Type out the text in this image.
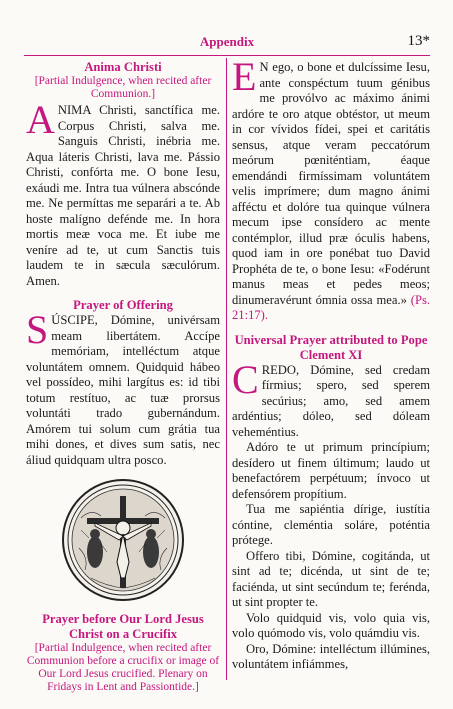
Appendix	13*
Anima Christi
[Partial Indulgence, when recited after Communion.]

ANIMA Christi, sanctífica me. Corpus Christi, salva me. Sanguis Christi, inébria me. Aqua láteris Christi, lava me. Pássio Christi, confórta me. O bone Iesu, exáudi me. Intra tua vúlnera abscónde me. Ne permíttas me separári a te. Ab hoste malígno defénde me. In hora mortis meæ voca me. Et iube me veníre ad te, ut cum Sanctis tuis laudem te in sæcula sæculórum. Amen.

Prayer of Offering

SÚSCIPE, Dómine, univérsam meam libertátem. Accípe memóriam, intelléctum atque voluntátem omnem. Quidquid hábeo vel possídeo, mihi largítus es: id tibi totum restítuo, ac tuæ prorsus voluntáti trado gubernándum. Amórem tui solum cum grátia tua mihi dones, et dives sum satis, nec áliud quidquam ultra posco.

Prayer before Our Lord Jesus Christ on a Crucifix
[Partial Indulgence, when recited after Communion before a crucifix or image of Our Lord Jesus crucified. Plenary on Fridays in Lent and Passiontide.]

E N ego, o bone et dulcíssime Iesu, ante conspéctum tuum génibus me provólvo ac máximo ánimi ardóre te oro atque obtéstor, ut meum in cor vívidos fídei, spei et caritátis sensus, atque veram peccatórum meórum pœniténtiam, éaque emendándi firmíssimam voluntátem velis imprímere; dum magno ánimi afféctu et dolóre tua quinque vúlnera mecum ipse consídero ac mente contémplor, illud præ óculis habens, quod iam in ore ponébat tuo David Prophéta de te, o bone Iesu: «Fodérunt manus meas et pedes meos; dinumeravérunt ómnia ossa mea.» (Ps. 21:17).

Universal Prayer attributed to Pope Clement XI

CREDO, Dómine, sed credam fírmius; spero, sed sperem secúrius; amo, sed amem ardéntius; dóleo, sed dóleam veheméntius.

Adóro te ut primum princípium; desídero ut finem últimum; laudo ut benefactórem perpétuum; ínvoco ut defensórem propítium.

Tua me sapiéntia dírige, iustítia cóntine, cleméntia soláre, poténtia prótege.

Offero tibi, Dómine, cogitánda, ut sint ad te; dicénda, ut sint de te; faciénda, ut sint secúndum te; ferénda, ut sint propter te.

Volo quidquid vis, volo quia vis, volo quómodo vis, volo quámdiu vis.

Oro, Dómine: intelléctum illúmines, voluntátem infiámmes,
